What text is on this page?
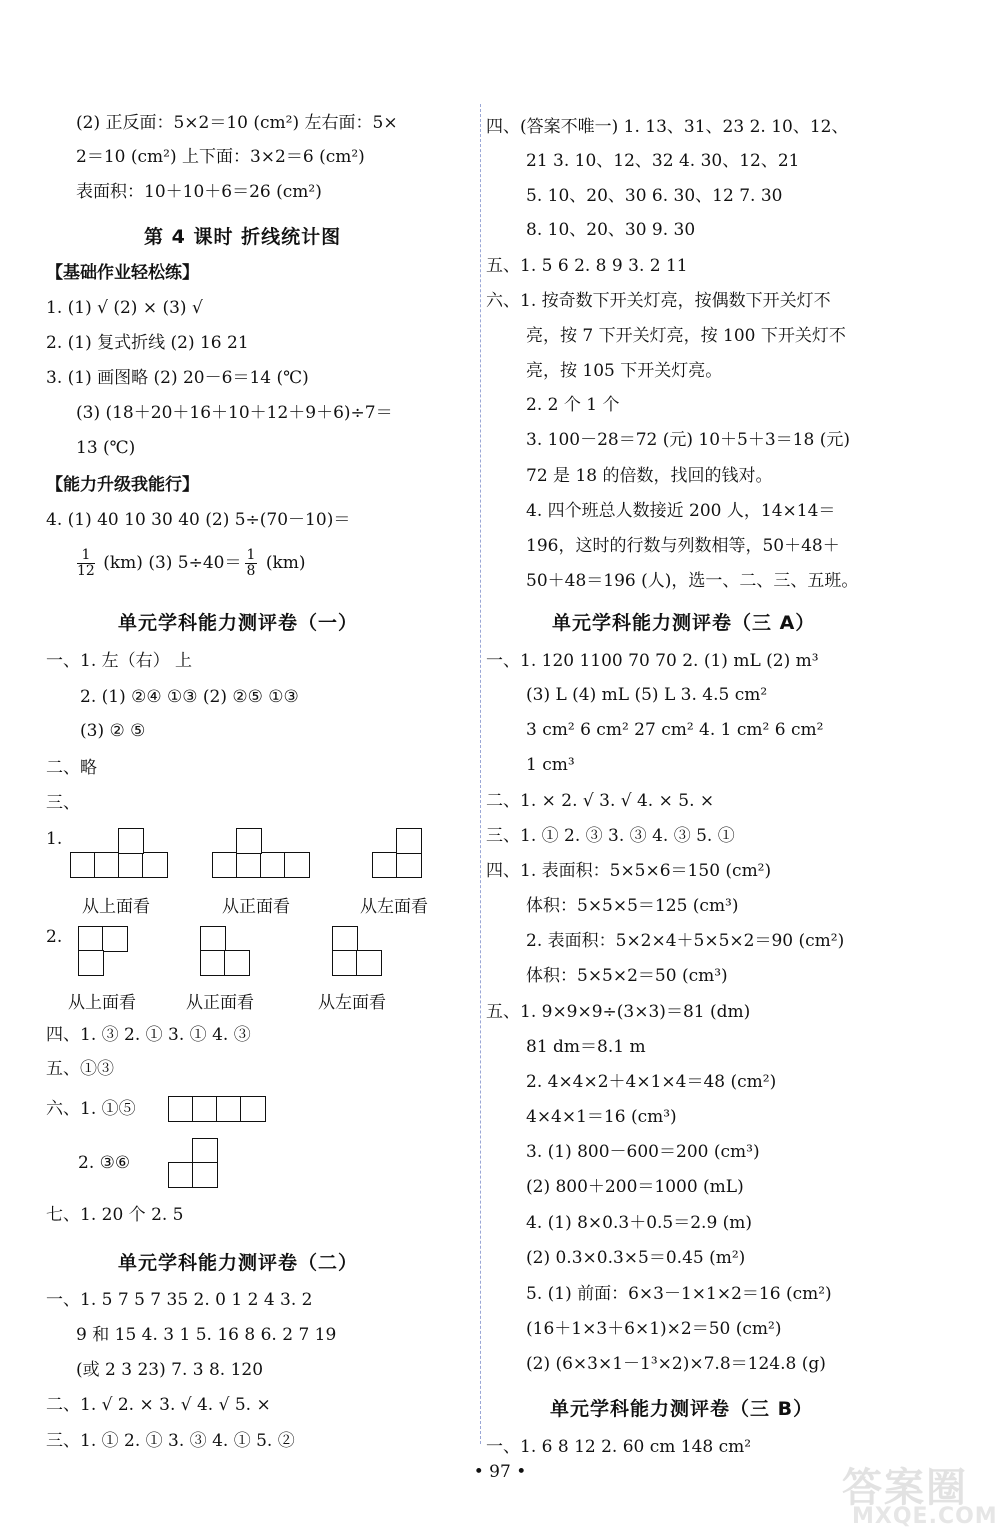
(2) 正反面：5×2＝10 (cm²) 左右面：5×
2＝10 (cm²) 上下面：3×2＝6 (cm²)
表面积：10＋10＋6＝26 (cm²)
第 4 课时 折线统计图
【基础作业轻松练】
1. (1) √ (2) × (3) √
2. (1) 复式折线 (2) 16 21
3. (1) 画图略 (2) 20－6＝14 (℃)
(3) (18＋20＋16＋10＋12＋9＋6)÷7＝
13 (℃)
【能力升级我能行】
4. (1) 40 10 30 40 (2) 5÷(70－10)＝
$\frac{1}{12} (km)$ (3) $5\div 40= \frac{1}{8} (km)$
单元学科能力测评卷（一）
一、1. 左（右） 上
2. (1) ②④ ①③ (2) ②⑤ ①③
(3) ② ⑤
二、略
三、
1.
2.
从上面看	从正面看	从左面看
从上面看	从正面看	从左面看
四、1. ③ 2. ① 3. ① 4. ③
五、①③
六、1. ①⑤
2. ③⑥
七、1. 20 个 2. 5
单元学科能力测评卷（二）
一、1. 5 7 5 7 35 2. 0 1 2 4 3. 2
9 和 15 4. 3 1 5. 16 8 6. 2 7 19
(或 2 3 23) 7. 3 8. 120
二、1. √ 2. × 3. √ 4. √ 5. ×
三、1. ① 2. ① 3. ③ 4. ① 5. ②
四、(答案不唯一) 1. 13、31、23 2. 10、12、
21 3. 10、12、32 4. 30、12、21
5. 10、20、30 6. 30、12 7. 30
8. 10、20、30 9. 30
五、1. 5 6 2. 8 9 3. 2 11
六、1. 按奇数下开关灯亮，按偶数下开关灯不
亮，按 7 下开关灯亮，按 100 下开关灯不
亮，按 105 下开关灯亮。
2. 2 个 1 个
3. 100－28＝72 (元) 10＋5＋3＝18 (元)
72 是 18 的倍数，找回的钱对。
4. 四个班总人数接近 200 人，14×14＝
196，这时的行数与列数相等，50＋48＋
50＋48＝196 (人)，选一、二、三、五班。
单元学科能力测评卷（三 A）
一、1. 120 1100 70 70 2. (1) mL (2) m³
(3) L (4) mL (5) L 3. 4.5 cm²
3 cm² 6 cm² 27 cm² 4. 1 cm² 6 cm²
1 cm³
二、1. × 2. √ 3. √ 4. × 5. ×
三、1. ① 2. ③ 3. ③ 4. ③ 5. ①
四、1. 表面积：5×5×6＝150 (cm²)
体积：5×5×5＝125 (cm³)
2. 表面积：5×2×4＋5×5×2＝90 (cm²)
体积：5×5×2＝50 (cm³)
五、1. 9×9×9÷(3×3)＝81 (dm)
81 dm＝8.1 m
2. 4×4×2＋4×1×4＝48 (cm²)
4×4×1＝16 (cm³)
3. (1) 800－600＝200 (cm³)
(2) 800＋200＝1000 (mL)
4. (1) 8×0.3＋0.5＝2.9 (m)
(2) 0.3×0.3×5＝0.45 (m²)
5. (1) 前面：6×3－1×1×2＝16 (cm²)
(16＋1×3＋6×1)×2＝50 (cm²)
(2) (6×3×1－1³×2)×7.8＝124.8 (g)
单元学科能力测评卷（三 B）
一、1. 6 8 12 2. 60 cm 148 cm²
• 97 •	答案圈
MXQE.COM
